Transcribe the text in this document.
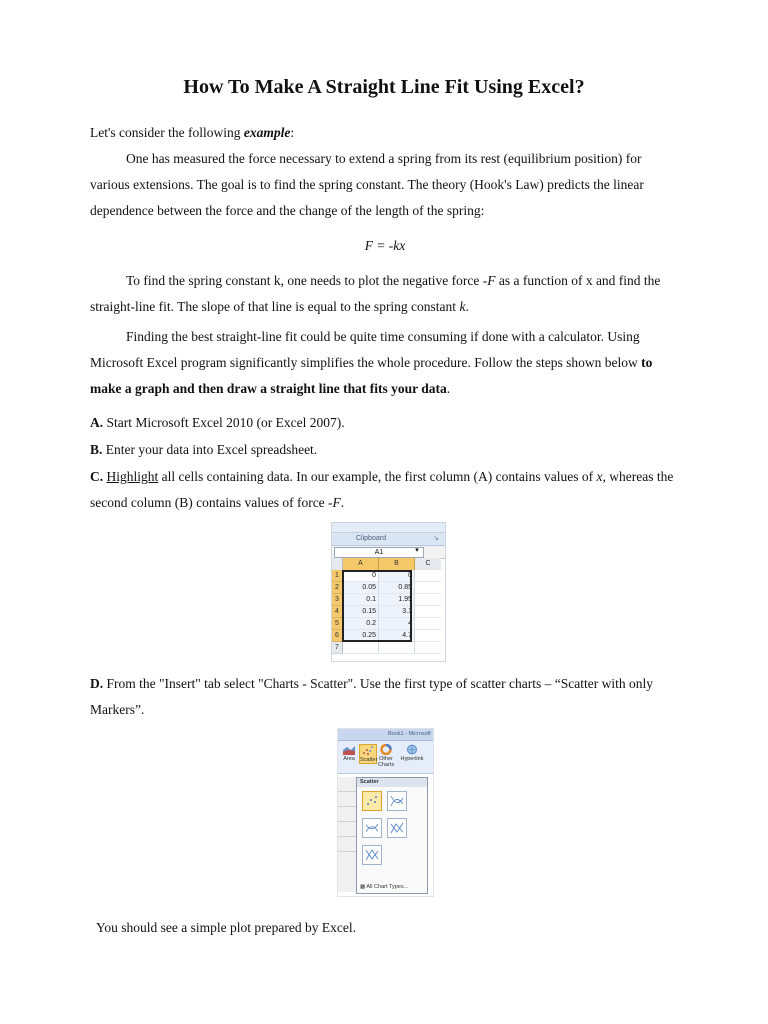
How To Make A Straight Line Fit Using Excel?

Let's consider the following example:

One has measured the force necessary to extend a spring from its rest (equilibrium position) for various extensions. The goal is to find the spring constant. The theory (Hook's Law) predicts the linear dependence between the force and the change of the length of the spring:

F = -kx

To find the spring constant k, one needs to plot the negative force -F as a function of x and find the straight-line fit. The slope of that line is equal to the spring constant k.

Finding the best straight-line fit could be quite time consuming if done with a calculator. Using Microsoft Excel program significantly simplifies the whole procedure. Follow the steps shown below to make a graph and then draw a straight line that fits your data.

A. Start Microsoft Excel 2010 (or Excel 2007).

B. Enter your data into Excel spreadsheet.

C. Highlight all cells containing data. In our example, the first column (A) contains values of x, whereas the second column (B) contains values of force -F.

Clipboard	↘
A1	▾
A	B	C
1	0	0
2	0.05	0.85
3	0.1	1.95
4	0.15	3.1
5	0.2	4
6	0.25	4.7
7

D. From the "Insert" tab select "Charts - Scatter". Use the first type of scatter charts – “Scatter with only Markers”.

Book1 - Microsoft
Area Scatter Other Charts
Hyperlink
Scatter
▩ All Chart Types...

You should see a simple plot prepared by Excel.
